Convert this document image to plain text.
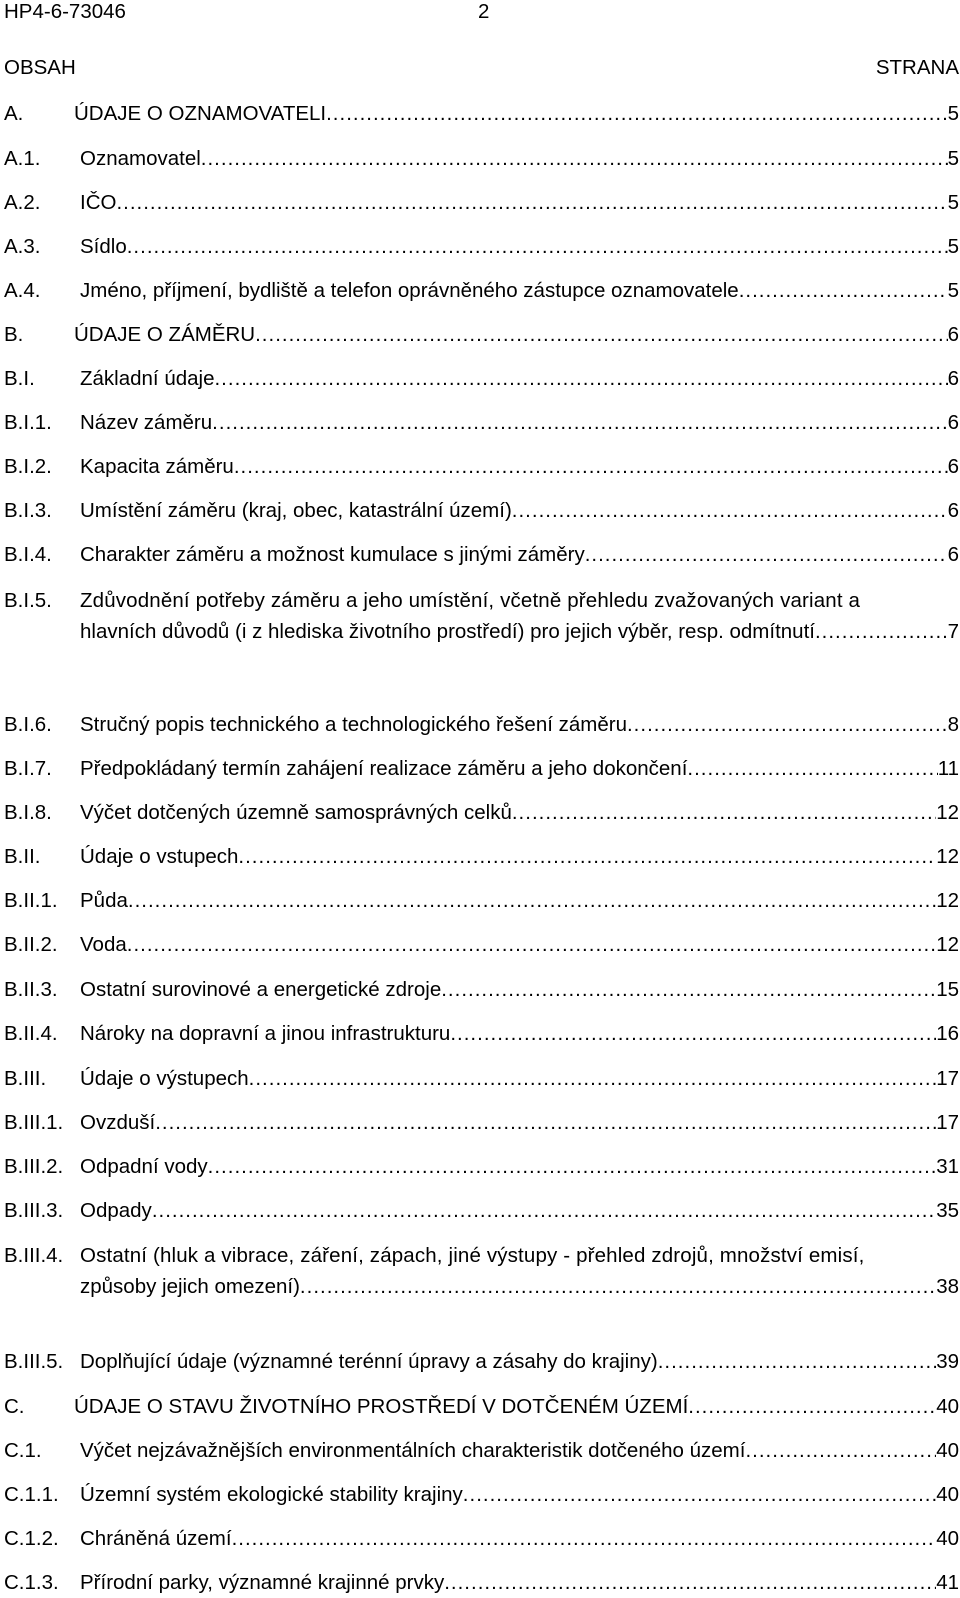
HP4-6-73046	2
OBSAH	STRANA
A. ÚDAJE O OZNAMOVATELI .....	5
A.1. Oznamovatel .....	5
A.2. IČO .....	5
A.3. Sídlo .....	5
A.4. Jméno, příjmení, bydliště a telefon oprávněného zástupce oznamovatele .....	5
B. ÚDAJE O ZÁMĚRU .....	6
B.I. Základní údaje .....	6
B.I.1. Název záměru .....	6
B.I.2. Kapacita záměru .....	6
B.I.3. Umístění záměru (kraj, obec, katastrální území) .....	6
B.I.4. Charakter záměru a možnost kumulace s jinými záměry .....	6
B.I.5. Zdůvodnění potřeby záměru a jeho umístění, včetně přehledu zvažovaných variant a
hlavních důvodů (i z hlediska životního prostředí) pro jejich výběr, resp. odmítnutí .....	7
B.I.6. Stručný popis technického a technologického řešení záměru .....	8
B.I.7. Předpokládaný termín zahájení realizace záměru a jeho dokončení .....	11
B.I.8. Výčet dotčených územně samosprávných celků .....	12
B.II. Údaje o vstupech .....	12
B.II.1. Půda .....	12
B.II.2. Voda .....	12
B.II.3. Ostatní surovinové a energetické zdroje .....	15
B.II.4. Nároky na dopravní a jinou infrastrukturu .....	16
B.III. Údaje o výstupech .....	17
B.III.1. Ovzduší .....	17
B.III.2. Odpadní vody .....	31
B.III.3. Odpady .....	35
B.III.4. Ostatní (hluk a vibrace, záření, zápach, jiné výstupy - přehled zdrojů, množství emisí,
způsoby jejich omezení) .....	38
B.III.5. Doplňující údaje (významné terénní úpravy a zásahy do krajiny) .....	39
C. ÚDAJE O STAVU ŽIVOTNÍHO PROSTŘEDÍ V DOTČENÉM ÚZEMÍ .....	40
C.1. Výčet nejzávažnějších environmentálních charakteristik dotčeného území .....	40
C.1.1. Územní systém ekologické stability krajiny .....	40
C.1.2. Chráněná území .....	40
C.1.3. Přírodní parky, významné krajinné prvky .....	41
